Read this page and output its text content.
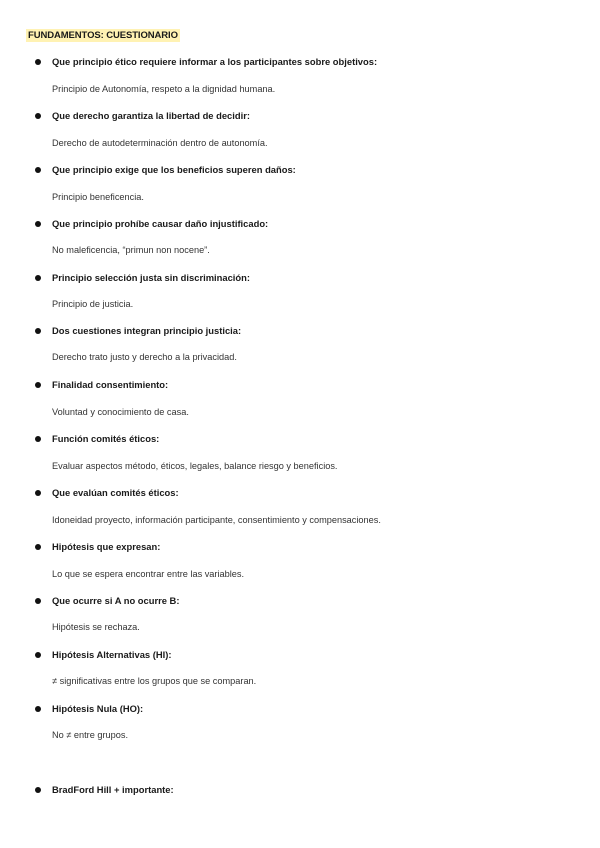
FUNDAMENTOS: CUESTIONARIO
Que principio ético requiere informar a los participantes sobre objetivos:
Principio de Autonomía, respeto a la dignidad humana.
Que derecho garantiza la libertad de decidir:
Derecho de autodeterminación dentro de autonomía.
Que principio exige que los beneficios superen daños:
Principio beneficencia.
Que principio prohíbe causar daño injustificado:
No maleficencia, “primun non nocene”.
Principio selección justa sin discriminación:
Principio de justicia.
Dos cuestiones integran principio justicia:
Derecho trato justo y derecho a la privacidad.
Finalidad consentimiento:
Voluntad y conocimiento de casa.
Función comités éticos:
Evaluar aspectos método, éticos, legales, balance riesgo y beneficios.
Que evalúan comités éticos:
Idoneidad proyecto, información participante, consentimiento y compensaciones.
Hipótesis que expresan:
Lo que se espera encontrar entre las variables.
Que ocurre si A no ocurre B:
Hipótesis se rechaza.
Hipótesis Alternativas (HI):
≠ significativas entre los grupos que se comparan.
Hipótesis Nula (HO):
No ≠ entre grupos.
BradFord Hill + importante:
